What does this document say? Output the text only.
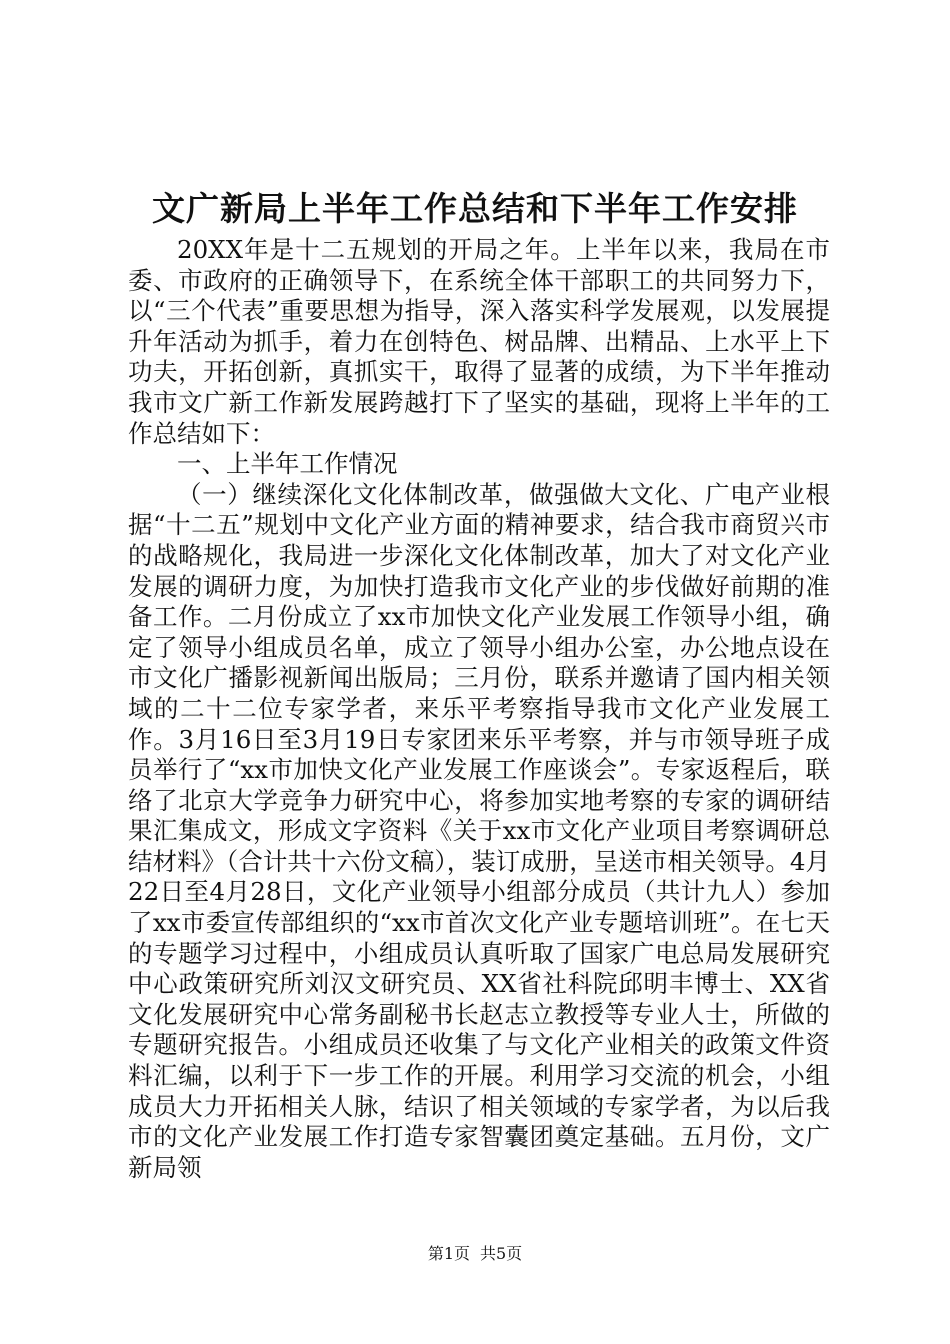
文广新局上半年工作总结和下半年工作安排

20XX年是十二五规划的开局之年。上半年以来，我局在市委、市政府的正确领导下，在系统全体干部职工的共同努力下，以“三个代表”重要思想为指导，深入落实科学发展观，以发展提升年活动为抓手，着力在创特色、树品牌、出精品、上水平上下功夫，开拓创新，真抓实干，取得了显著的成绩，为下半年推动我市文广新工作新发展跨越打下了坚实的基础，现将上半年的工作总结如下：

一、上半年工作情况

（一）继续深化文化体制改革，做强做大文化、广电产业根据“十二五”规划中文化产业方面的精神要求，结合我市商贸兴市的战略规化，我局进一步深化文化体制改革，加大了对文化产业发展的调研力度，为加快打造我市文化产业的步伐做好前期的准备工作。二月份成立了xx市加快文化产业发展工作领导小组，确定了领导小组成员名单，成立了领导小组办公室，办公地点设在市文化广播影视新闻出版局；三月份，联系并邀请了国内相关领域的二十二位专家学者，来乐平考察指导我市文化产业发展工作。3月16日至3月19日专家团来乐平考察，并与市领导班子成员举行了“xx市加快文化产业发展工作座谈会”。专家返程后，联络了北京大学竞争力研究中心，将参加实地考察的专家的调研结果汇集成文，形成文字资料《关于xx市文化产业项目考察调研总结材料》（合计共十六份文稿），装订成册，呈送市相关领导。4月22日至4月28日，文化产业领导小组部分成员（共计九人）参加了xx市委宣传部组织的“xx市首次文化产业专题培训班”。在七天的专题学习过程中，小组成员认真听取了国家广电总局发展研究中心政策研究所刘汉文研究员、XX省社科院邱明丰博士、XX省文化发展研究中心常务副秘书长赵志立教授等专业人士，所做的专题研究报告。小组成员还收集了与文化产业相关的政策文件资料汇编，以利于下一步工作的开展。利用学习交流的机会，小组成员大力开拓相关人脉，结识了相关领域的专家学者，为以后我市的文化产业发展工作打造专家智囊团奠定基础。五月份，文广新局领

第1页 共5页
